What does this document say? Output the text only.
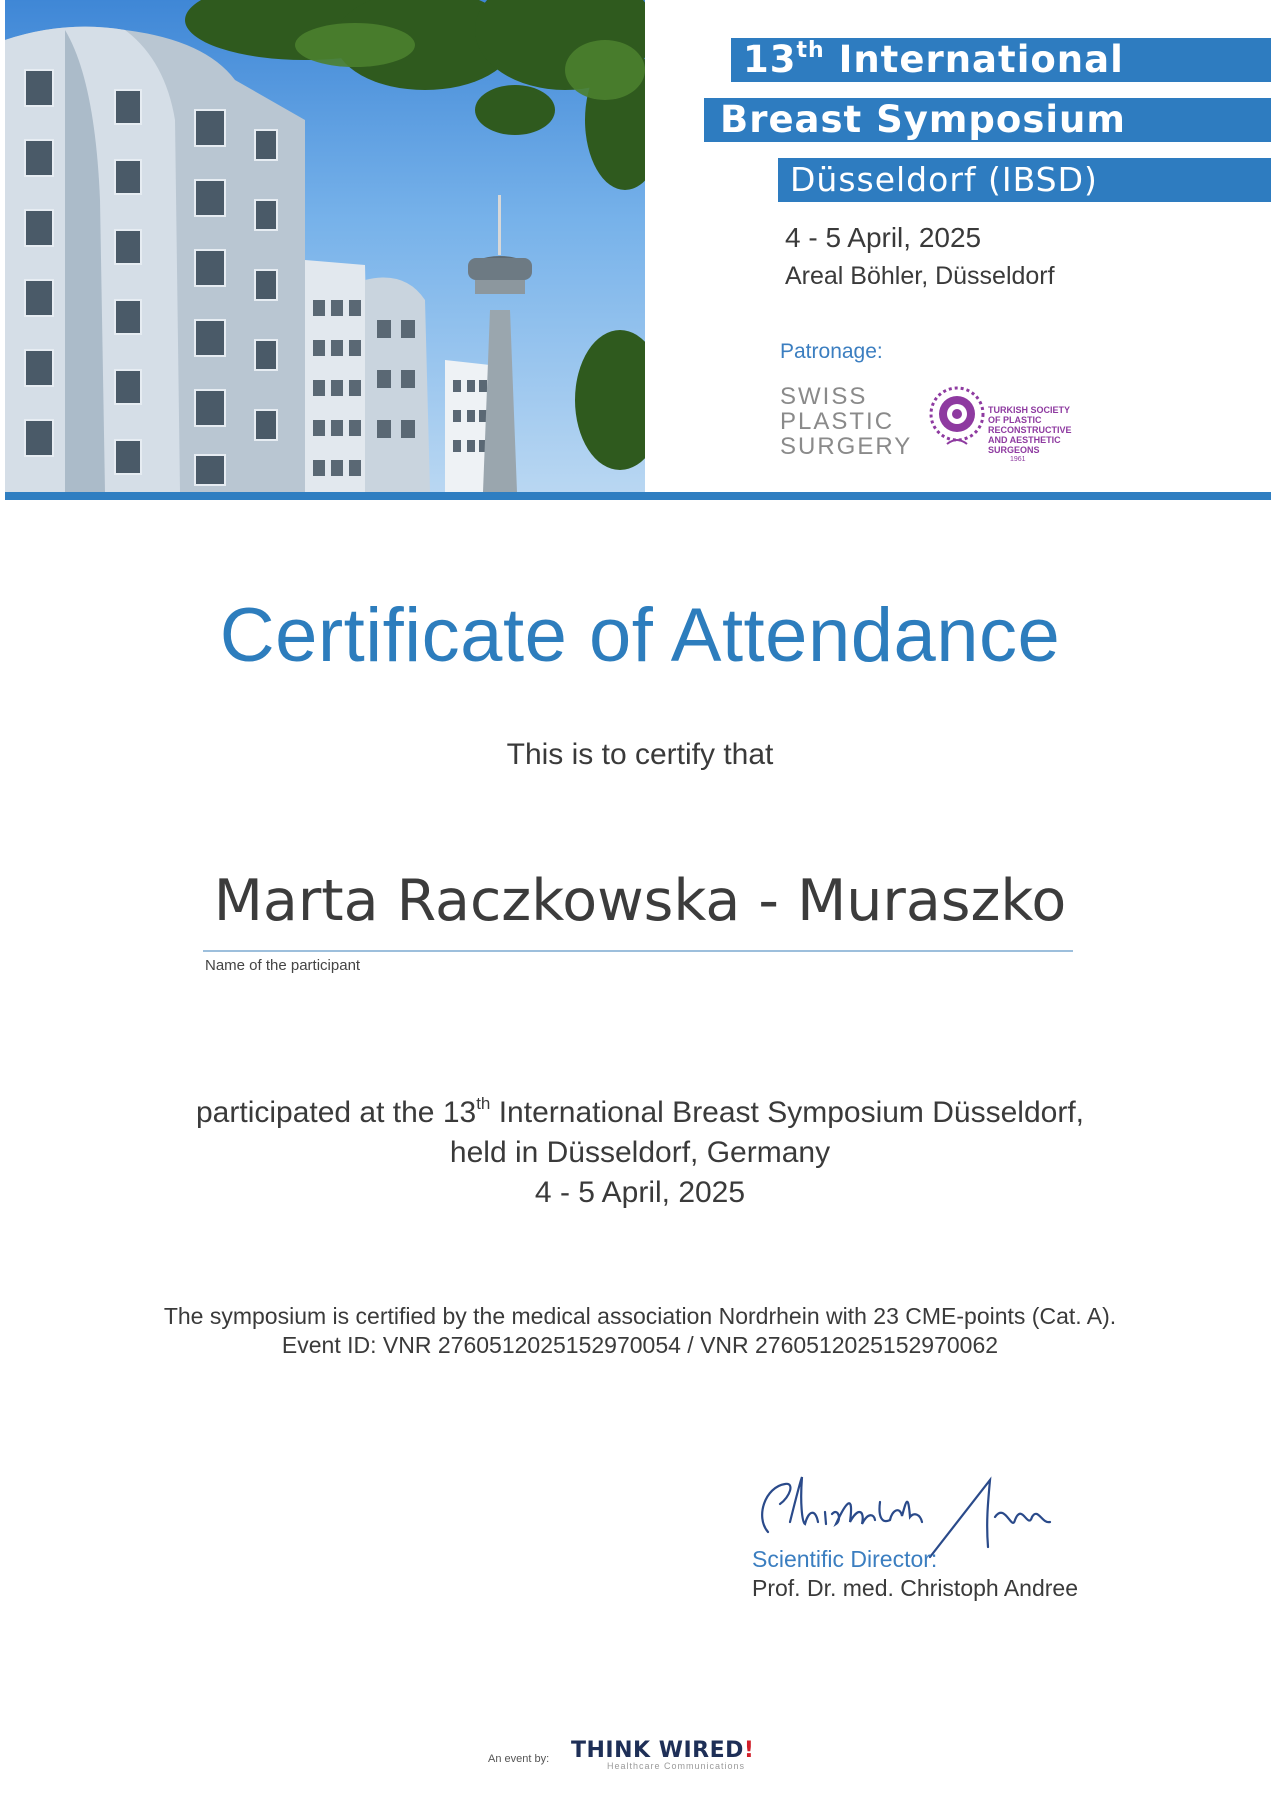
13th International
Breast Symposium
Düsseldorf (IBSD)
4 - 5 April, 2025
Areal Böhler, Düsseldorf
Patronage:
SWISS
PLASTIC
SURGERY
TURKISH SOCIETY
OF PLASTIC RECONSTRUCTIVE
AND AESTHETIC SURGEONS
1961
Certificate of Attendance
This is to certify that
Marta Raczkowska - Muraszko
Name of the participant
participated at the 13th International Breast Symposium Düsseldorf,
held in Düsseldorf, Germany
4 - 5 April, 2025
The symposium is certified by the medical association Nordrhein with 23 CME-points (Cat. A).
Event ID: VNR 2760512025152970054 / VNR 2760512025152970062
Scientific Director:
Prof. Dr. med. Christoph Andree
An event by: THINK WIRED!
Healthcare Communications
